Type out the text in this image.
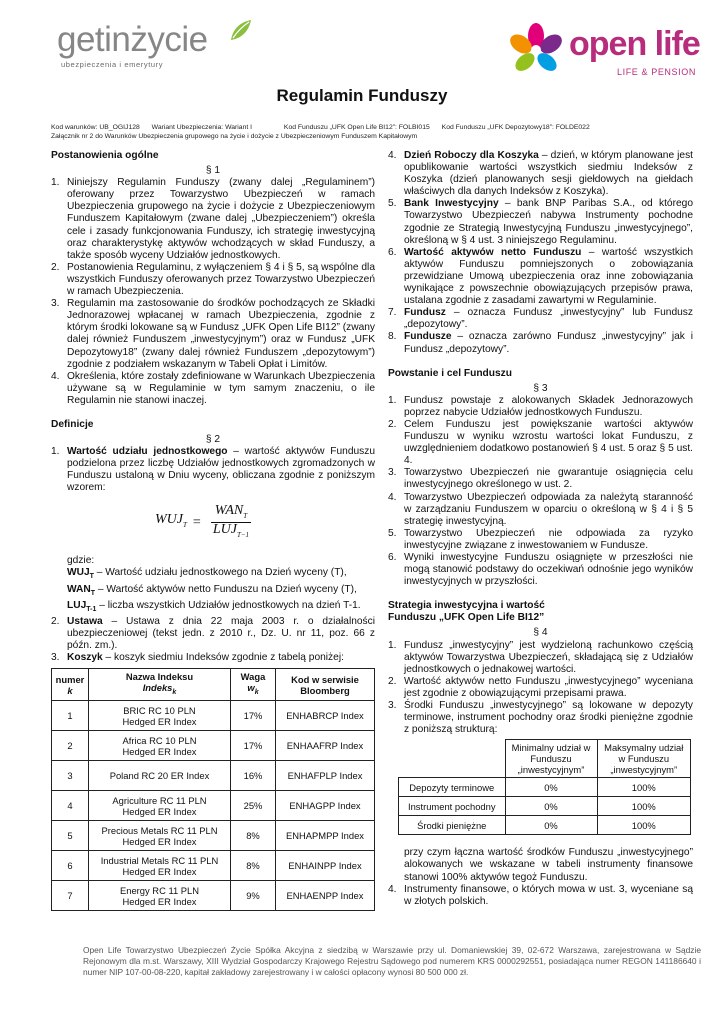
getinżycie
ubezpieczenia i emerytury
open life
LIFE & PENSION
Regulamin Funduszy
Kod warunków: UB_OGIJ128 Wariant Ubezpieczenia: Wariant I	Kod Funduszu „UFK Open Life BI12”: FOLBI015 Kod Funduszu „UFK Depozytowy18”: FOLDE022
Załącznik nr 2 do Warunków Ubezpieczenia grupowego na życie i dożycie z Ubezpieczeniowym Funduszem Kapitałowym

Postanowienia ogólne

§ 1

1. Niniejszy Regulamin Funduszy (zwany dalej „Regulaminem”) oferowany przez Towarzystwo Ubezpieczeń w ramach Ubezpieczenia grupowego na życie i dożycie z Ubezpieczeniowym Funduszem Kapitałowym (zwane dalej „Ubezpieczeniem”) określa cele i zasady funkcjonowania Funduszy, ich strategię inwestycyjną oraz charakterystykę aktywów wchodzących w skład Funduszy, a także sposób wyceny Udziałów jednostkowych.
2. Postanowienia Regulaminu, z wyłączeniem § 4 i § 5, są wspólne dla wszystkich Funduszy oferowanych przez Towarzystwo Ubezpieczeń w ramach Ubezpieczenia.
3. Regulamin ma zastosowanie do środków pochodzących ze Składki Jednorazowej wpłacanej w ramach Ubezpieczenia, zgodnie z którym środki lokowane są w Fundusz „UFK Open Life BI12” (zwany dalej również Funduszem „inwestycyjnym”) oraz w Fundusz „UFK Depozytowy18” (zwany dalej również Funduszem „depozytowym”) zgodnie z podziałem wskazanym w Tabeli Opłat i Limitów.
4. Określenia, które zostały zdefiniowane w Warunkach Ubezpieczenia używane są w Regulaminie w tym samym znaczeniu, o ile Regulamin nie stanowi inaczej.

Definicje

§ 2

1. Wartość udziału jednostkowego – wartość aktywów Funduszu podzielona przez liczbę Udziałów jednostkowych zgromadzonych w Funduszu ustaloną w Dniu wyceny, obliczana zgodnie z poniższym wzorem:
$WUJ_T = \frac{WAN_T}{LUJ_{T-1}}$

gdzie:

$WUJ_T$ – Wartość udziału jednostkowego na Dzień wyceny (T),

$WAN_T$ – Wartość aktywów netto Funduszu na Dzień wyceny (T),

$LUJ_{T-1}$ – liczba wszystkich Udziałów jednostkowych na dzień T-1.

2. Ustawa – Ustawa z dnia 22 maja 2003 r. o działalności ubezpieczeniowej (tekst jedn. z 2010 r., Dz. U. nr 11, poz. 66 z późn. zm.).
3. Koszyk – koszyk siedmiu Indeksów zgodnie z tabelą poniżej:
numer
k	Nazwa Indeksu
Indeks$_k$	Waga
$w_k$	Kod w serwisie Bloomberg
1	BRIC RC 10 PLN
Hedged ER Index	17%	ENHABRCP Index
2	Africa RC 10 PLN
Hedged ER Index	17%	ENHAAFRP Index
3	Poland RC 20 ER Index	16%	ENHAFPLP Index
4	Agriculture RC 11 PLN
Hedged ER Index	25%	ENHAGPP Index
5	Precious Metals RC 11 PLN
Hedged ER Index	8%	ENHAPMPP Index
6	Industrial Metals RC 11 PLN
Hedged ER Index	8%	ENHAINPP Index
7	Energy RC 11 PLN
Hedged ER Index	9%	ENHAENPP Index
4. Dzień Roboczy dla Koszyka – dzień, w którym planowane jest opublikowanie wartości wszystkich siedmiu Indeksów z Koszyka (dzień planowanych sesji giełdowych na giełdach właściwych dla danych Indeksów z Koszyka).
5. Bank Inwestycyjny – bank BNP Paribas S.A., od którego Towarzystwo Ubezpieczeń nabywa Instrumenty pochodne zgodnie ze Strategią Inwestycyjną Funduszu „inwestycyjnego”, określoną w § 4 ust. 3 niniejszego Regulaminu.
6. Wartość aktywów netto Funduszu – wartość wszystkich aktywów Funduszu pomniejszonych o zobowiązania przewidziane Umową ubezpieczenia oraz inne zobowiązania wynikające z powszechnie obowiązujących przepisów prawa, ustalana zgodnie z zasadami zawartymi w Regulaminie.
7. Fundusz – oznacza Fundusz „inwestycyjny” lub Fundusz „depozytowy”.
8. Fundusze – oznacza zarówno Fundusz „inwestycyjny” jak i Fundusz „depozytowy”.

Powstanie i cel Funduszu

§ 3

1. Fundusz powstaje z alokowanych Składek Jednorazowych poprzez nabycie Udziałów jednostkowych Funduszu.
2. Celem Funduszu jest powiększanie wartości aktywów Funduszu w wyniku wzrostu wartości lokat Funduszu, z uwzględnieniem dodatkowo postanowień § 4 ust. 5 oraz § 5 ust. 4.
3. Towarzystwo Ubezpieczeń nie gwarantuje osiągnięcia celu inwestycyjnego określonego w ust. 2.
4. Towarzystwo Ubezpieczeń odpowiada za należytą staranność w zarządzaniu Funduszem w oparciu o określoną w § 4 i § 5 strategię inwestycyjną.
5. Towarzystwo Ubezpieczeń nie odpowiada za ryzyko inwestycyjne związane z inwestowaniem w Fundusze.
6. Wyniki inwestycyjne Funduszu osiągnięte w przeszłości nie mogą stanowić podstawy do oczekiwań odnośnie jego wyników inwestycyjnych w przyszłości.

Strategia inwestycyjna i wartość

Funduszu „UFK Open Life BI12”

§ 4

1. Fundusz „inwestycyjny” jest wydzieloną rachunkowo częścią aktywów Towarzystwa Ubezpieczeń, składającą się z Udziałów jednostkowych o jednakowej wartości.
2. Wartość aktywów netto Funduszu „inwestycyjnego” wyceniana jest zgodnie z obowiązującymi przepisami prawa.
3. Środki Funduszu „inwestycyjnego” są lokowane w depozyty terminowe, instrument pochodny oraz środki pieniężne zgodnie z poniższą strukturą:
	Minimalny udział w Funduszu „inwestycyjnym”	Maksymalny udział w Funduszu „inwestycyjnym”
Depozyty terminowe	0%	100%
Instrument pochodny	0%	100%
Środki pieniężne	0%	100%

przy czym łączna wartość środków Funduszu „inwestycyjnego” alokowanych we wskazane w tabeli instrumenty finansowe stanowi 100% aktywów tegoż Funduszu.

4. Instrumenty finansowe, o których mowa w ust. 3, wyceniane są w złotych polskich.
Open Life Towarzystwo Ubezpieczeń Życie Spółka Akcyjna z siedzibą w Warszawie przy ul. Domaniewskiej 39, 02-672 Warszawa, zarejestrowana w Sądzie Rejonowym dla m.st. Warszawy, XIII Wydział Gospodarczy Krajowego Rejestru Sądowego pod numerem KRS 0000292551, posiadająca numer REGON 141186640 i numer NIP 107-00-08-220, kapitał zakładowy zarejestrowany i w całości opłacony wynosi 80 500 000 zł.
